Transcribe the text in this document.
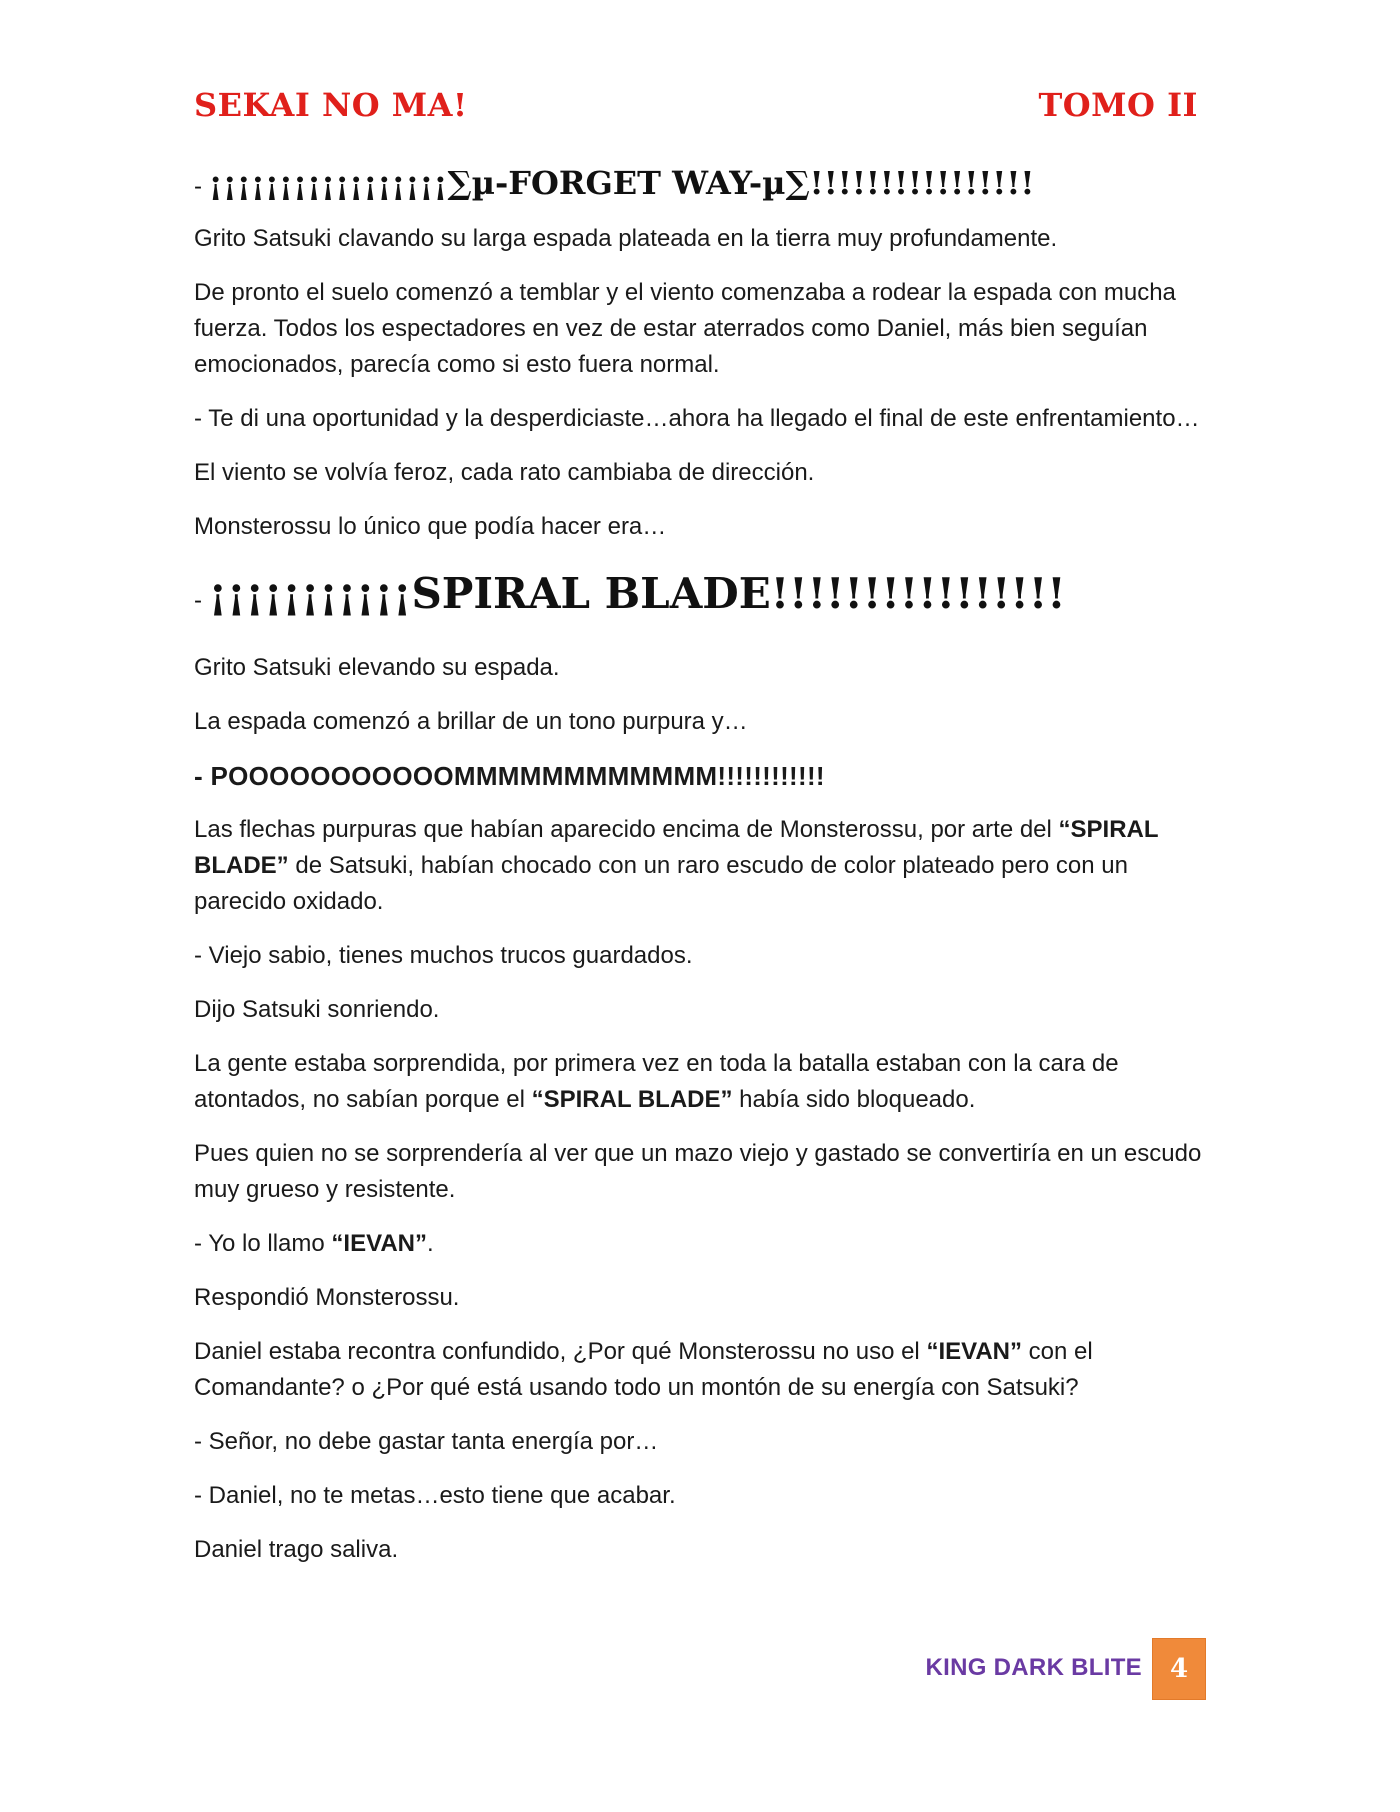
SEKAI NO MA!	TOMO II

- ¡¡¡¡¡¡¡¡¡¡¡¡¡¡¡¡¡∑µ-FORGET WAY-µ∑!!!!!!!!!!!!!!!!

Grito Satsuki clavando su larga espada plateada en la tierra muy profundamente.

De pronto el suelo comenzó a temblar y el viento comenzaba a rodear la espada con mucha fuerza. Todos los espectadores en vez de estar aterrados como Daniel, más bien seguían emocionados, parecía como si esto fuera normal.

- Te di una oportunidad y la desperdiciaste…ahora ha llegado el final de este enfrentamiento…

El viento se volvía feroz, cada rato cambiaba de dirección.

Monsterossu lo único que podía hacer era…

- ¡¡¡¡¡¡¡¡¡¡¡SPIRAL BLADE!!!!!!!!!!!!!!!!

Grito Satsuki elevando su espada.

La espada comenzó a brillar de un tono purpura y…

- POOOOOOOOOOOMMMMMMMMMMMM!!!!!!!!!!!!

Las flechas purpuras que habían aparecido encima de Monsterossu, por arte del “SPIRAL BLADE” de Satsuki, habían chocado con un raro escudo de color plateado pero con un parecido oxidado.

- Viejo sabio, tienes muchos trucos guardados.

Dijo Satsuki sonriendo.

La gente estaba sorprendida, por primera vez en toda la batalla estaban con la cara de atontados, no sabían porque el “SPIRAL BLADE” había sido bloqueado.

Pues quien no se sorprendería al ver que un mazo viejo y gastado se convertiría en un escudo muy grueso y resistente.

- Yo lo llamo “IEVAN”.

Respondió Monsterossu.

Daniel estaba recontra confundido, ¿Por qué Monsterossu no uso el “IEVAN” con el Comandante? o ¿Por qué está usando todo un montón de su energía con Satsuki?

- Señor, no debe gastar tanta energía por…

- Daniel, no te metas…esto tiene que acabar.

Daniel trago saliva.

KING DARK BLITE	4
